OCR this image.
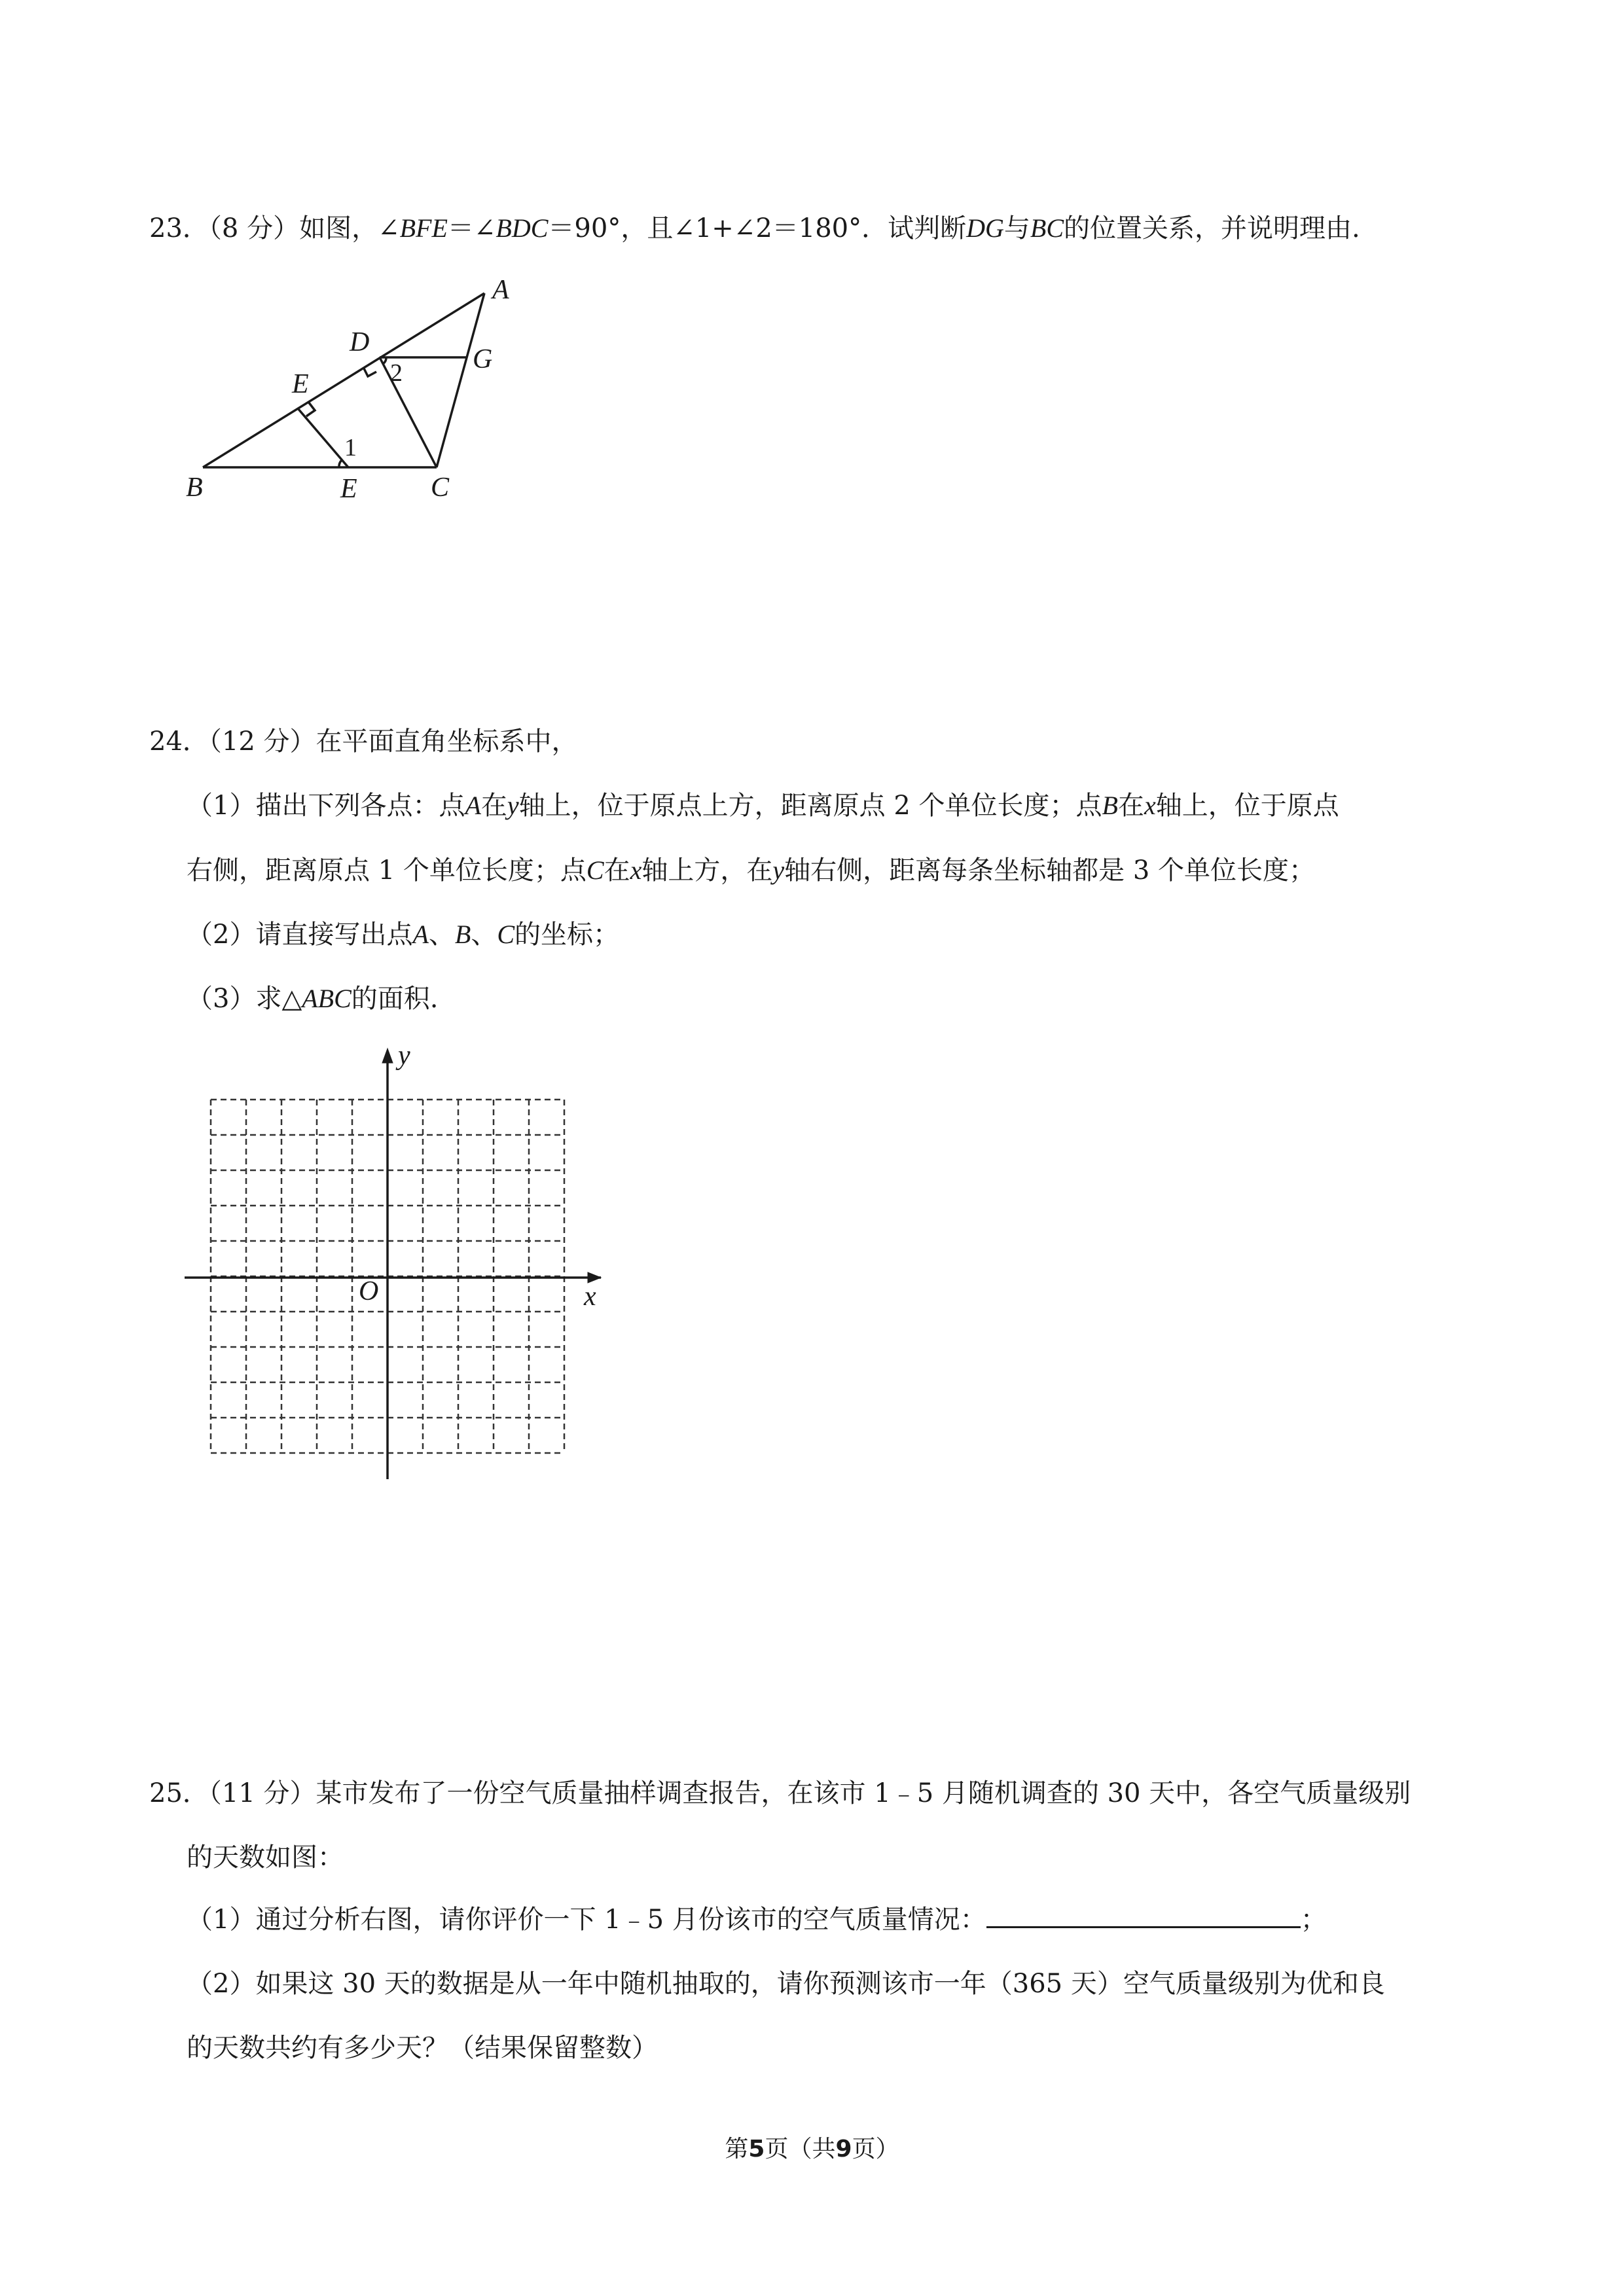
23．（8 分）如图，∠BFE＝∠BDC＝90°，且∠1+∠2＝180°．试判断DG与BC的位置关系，并说明理由.
A
D
G
E
B	E	C
2
1
24．（12 分）在平面直角坐标系中，
（1）描出下列各点：点A在y轴上，位于原点上方，距离原点 2 个单位长度；点B在x轴上，位于原点
右侧，距离原点 1 个单位长度；点C在x轴上方，在y轴右侧，距离每条坐标轴都是 3 个单位长度；
（2）请直接写出点A、B、C的坐标；
（3）求△ABC的面积.
y
x
O
25．（11 分）某市发布了一份空气质量抽样调查报告，在该市 1﹣5 月随机调查的 30 天中，各空气质量级别
的天数如图：
（1）通过分析右图，请你评价一下 1﹣5 月份该市的空气质量情况：	；
（2）如果这 30 天的数据是从一年中随机抽取的，请你预测该市一年（365 天）空气质量级别为优和良
的天数共约有多少天？（结果保留整数）
第5页（共9页）
